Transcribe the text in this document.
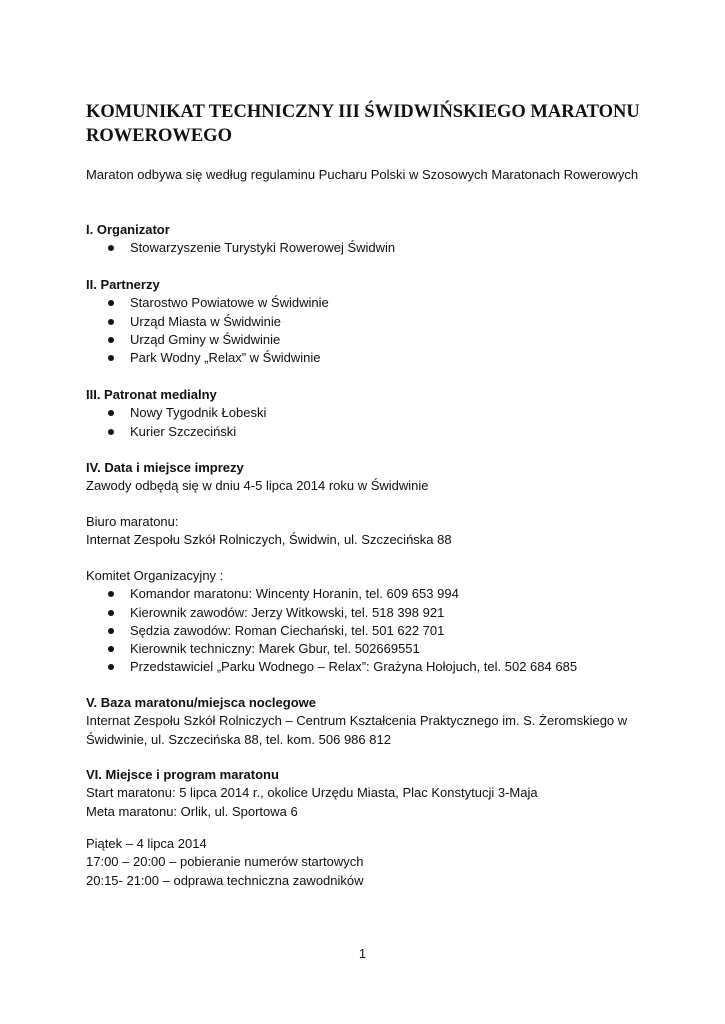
KOMUNIKAT TECHNICZNY III ŚWIDWIŃSKIEGO MARATONU ROWEROWEGO

Maraton odbywa się według regulaminu Pucharu Polski w Szosowych Maratonach Rowerowych

I. Organizator

Stowarzyszenie Turystyki Rowerowej Świdwin

II. Partnerzy

Starostwo Powiatowe w Świdwinie
Urząd Miasta w Świdwinie
Urząd Gminy w Świdwinie
Park Wodny „Relax” w Świdwinie

III. Patronat medialny

Nowy Tygodnik Łobeski
Kurier Szczeciński

IV. Data i miejsce imprezy

Zawody odbędą się w dniu 4-5 lipca 2014 roku w Świdwinie

Biuro maratonu:

Internat Zespołu Szkół Rolniczych, Świdwin, ul. Szczecińska 88

Komitet Organizacyjny :

Komandor maratonu: Wincenty Horanin, tel. 609 653 994
Kierownik zawodów: Jerzy Witkowski, tel. 518 398 921
Sędzia zawodów: Roman Ciechański, tel. 501 622 701
Kierownik techniczny: Marek Gbur, tel. 502669551
Przedstawiciel „Parku Wodnego – Relax”: Grażyna Hołojuch, tel. 502 684 685

V. Baza maratonu/miejsca noclegowe

Internat Zespołu Szkół Rolniczych – Centrum Kształcenia Praktycznego im. S. Żeromskiego w

Świdwinie, ul. Szczecińska 88, tel. kom. 506 986 812

VI. Miejsce i program maratonu

Start maratonu: 5 lipca 2014 r., okolice Urzędu Miasta, Plac Konstytucji 3-Maja

Meta maratonu: Orlik, ul. Sportowa 6

Piątek – 4 lipca 2014

17:00 – 20:00 – pobieranie numerów startowych

20:15- 21:00 – odprawa techniczna zawodników

1
